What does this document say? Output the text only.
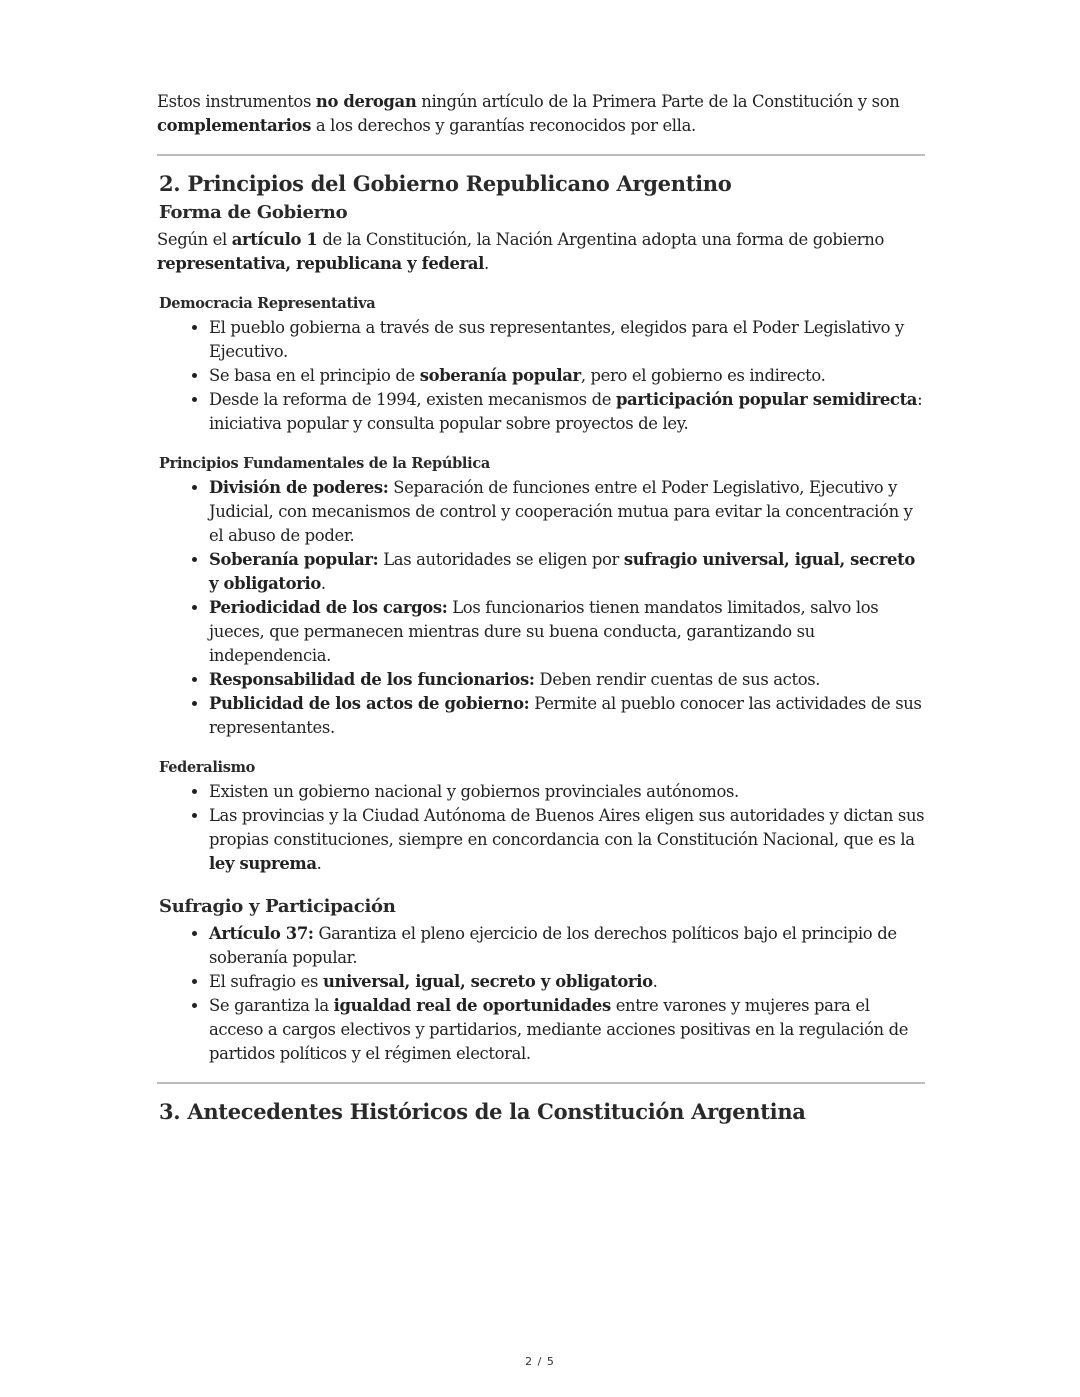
Estos instrumentos no derogan ningún artículo de la Primera Parte de la Constitución y son complementarios a los derechos y garantías reconocidos por ella.

2. Principios del Gobierno Republicano Argentino
Forma de Gobierno

Según el artículo 1 de la Constitución, la Nación Argentina adopta una forma de gobierno representativa, republicana y federal.

Democracia Representativa
• El pueblo gobierna a través de sus representantes, elegidos para el Poder Legislativo y Ejecutivo.
• Se basa en el principio de soberanía popular, pero el gobierno es indirecto.
• Desde la reforma de 1994, existen mecanismos de participación popular semidirecta: iniciativa popular y consulta popular sobre proyectos de ley.
Principios Fundamentales de la República
• División de poderes: Separación de funciones entre el Poder Legislativo, Ejecutivo y Judicial, con mecanismos de control y cooperación mutua para evitar la concentración y el abuso de poder.
• Soberanía popular: Las autoridades se eligen por sufragio universal, igual, secreto y obligatorio.
• Periodicidad de los cargos: Los funcionarios tienen mandatos limitados, salvo los jueces, que permanecen mientras dure su buena conducta, garantizando su independencia.
• Responsabilidad de los funcionarios: Deben rendir cuentas de sus actos.
• Publicidad de los actos de gobierno: Permite al pueblo conocer las actividades de sus representantes.
Federalismo
• Existen un gobierno nacional y gobiernos provinciales autónomos.
• Las provincias y la Ciudad Autónoma de Buenos Aires eligen sus autoridades y dictan sus propias constituciones, siempre en concordancia con la Constitución Nacional, que es la ley suprema.
Sufragio y Participación
• Artículo 37: Garantiza el pleno ejercicio de los derechos políticos bajo el principio de soberanía popular.
• El sufragio es universal, igual, secreto y obligatorio.
• Se garantiza la igualdad real de oportunidades entre varones y mujeres para el acceso a cargos electivos y partidarios, mediante acciones positivas en la regulación de partidos políticos y el régimen electoral.
3. Antecedentes Históricos de la Constitución Argentina
2 / 5
